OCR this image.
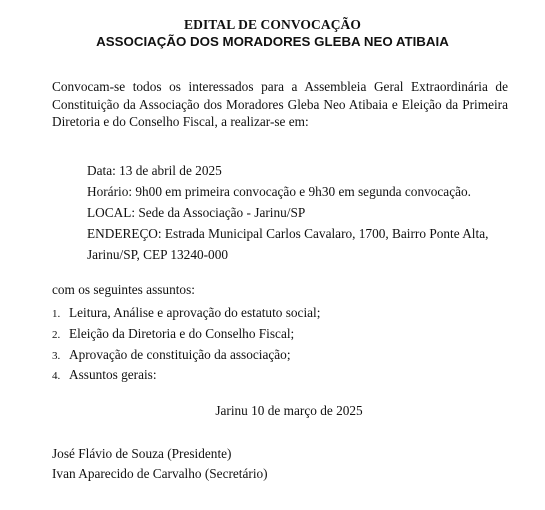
EDITAL DE CONVOCAÇÃO
ASSOCIAÇÃO DOS MORADORES GLEBA NEO ATIBAIA
Convocam-se todos os interessados para a Assembleia Geral Extraordinária de Constituição da Associação dos Moradores Gleba Neo Atibaia e Eleição da Primeira Diretoria e do Conselho Fiscal, a realizar-se em:
Data: 13 de abril de 2025
Horário: 9h00 em primeira convocação e 9h30 em segunda convocação.
LOCAL: Sede da Associação - Jarinu/SP
ENDEREÇO: Estrada Municipal Carlos Cavalaro, 1700, Bairro Ponte Alta,
Jarinu/SP, CEP 13240-000
com os seguintes assuntos:
1. Leitura, Análise e aprovação do estatuto social;
2. Eleição da Diretoria e do Conselho Fiscal;
3. Aprovação de constituição da associação;
4. Assuntos gerais:
Jarinu 10 de março de 2025
José Flávio de Souza (Presidente)
Ivan Aparecido de Carvalho (Secretário)
